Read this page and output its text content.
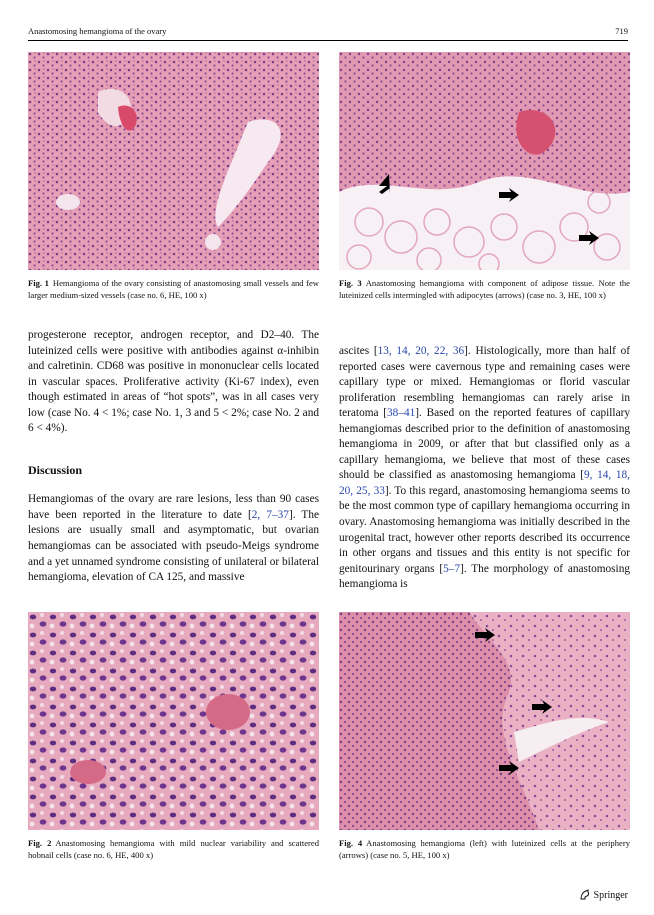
Anastomosing hemangioma of the ovary	719
Fig. 1 Hemangioma of the ovary consisting of anastomosing small vessels and few larger medium-sized vessels (case no. 6, HE, 100 x)
Fig. 3 Anastomosing hemangioma with component of adipose tissue. Note the luteinized cells intermingled with adipocytes (arrows) (case no. 3, HE, 100 x)

progesterone receptor, androgen receptor, and D2–40. The luteinized cells were positive with antibodies against α-inhibin and calretinin. CD68 was positive in mononuclear cells located in vascular spaces. Proliferative activity (Ki-67 index), even though estimated in areas of “hot spots”, was in all cases very low (case No. 4 < 1%; case No. 1, 3 and 5 < 2%; case No. 2 and 6 < 4%).

Discussion

Hemangiomas of the ovary are rare lesions, less than 90 cases have been reported in the literature to date [2, 7–37]. The lesions are usually small and asymptomatic, but ovarian hemangiomas can be associated with pseudo-Meigs syndrome and a yet unnamed syndrome consisting of unilateral or bilateral hemangioma, elevation of CA 125, and massive

ascites [13, 14, 20, 22, 36]. Histologically, more than half of reported cases were cavernous type and remaining cases were capillary type or mixed. Hemangiomas or florid vascular proliferation resembling hemangiomas can rarely arise in teratoma [38–41]. Based on the reported features of capillary hemangiomas described prior to the definition of anastomosing hemangioma in 2009, or after that but classified only as a capillary hemangioma, we believe that most of these cases should be classified as anastomosing hemangioma [9, 14, 18, 20, 25, 33]. To this regard, anastomosing hemangioma seems to be the most common type of capillary hemangioma occurring in ovary. Anastomosing hemangioma was initially described in the urogenital tract, however other reports described its occurrence in other organs and tissues and this entity is not specific for genitourinary organs [5–7]. The morphology of anastomosing hemangioma is

Fig. 2 Anastomosing hemangioma with mild nuclear variability and scattered hobnail cells (case no. 6, HE, 400 x)
Fig. 4 Anastomosing hemangioma (left) with luteinized cells at the periphery (arrows) (case no. 5, HE, 100 x)
Springer
